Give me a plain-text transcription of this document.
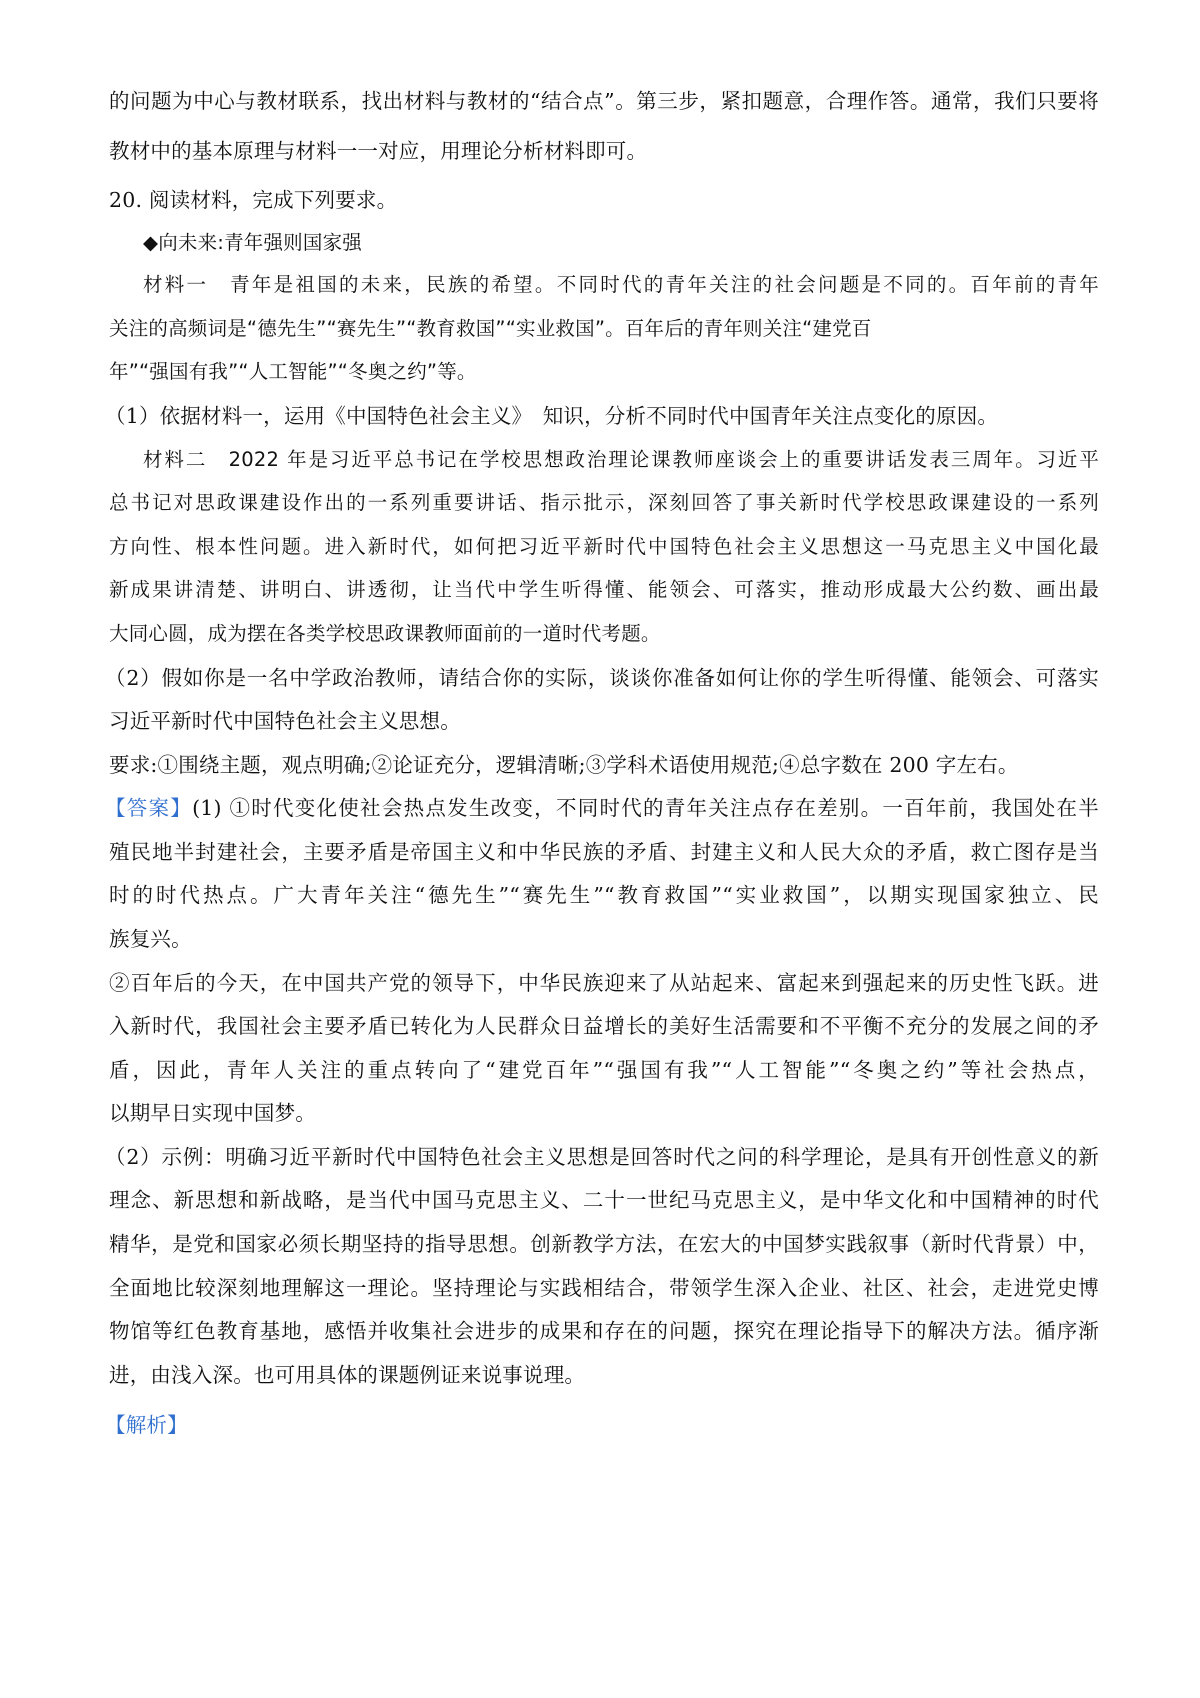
的问题为中心与教材联系，找出材料与教材的“结合点”。第三步，紧扣题意，合理作答。通常，我们只要将
教材中的基本原理与材料一一对应，用理论分析材料即可。
20. 阅读材料，完成下列要求。
◆向未来:青年强则国家强
材料一　青年是祖国的未来，民族的希望。不同时代的青年关注的社会问题是不同的。百年前的青年
关注的高频词是“德先生”“赛先生”“教育救国”“实业救国”。百年后的青年则关注“建党百
年”“强国有我”“人工智能”“冬奥之约”等。
（1）依据材料一，运用《中国特色社会主义》　知识，分析不同时代中国青年关注点变化的原因。
材料二　2022 年是习近平总书记在学校思想政治理论课教师座谈会上的重要讲话发表三周年。习近平
总书记对思政课建设作出的一系列重要讲话、指示批示，深刻回答了事关新时代学校思政课建设的一系列
方向性、根本性问题。进入新时代，如何把习近平新时代中国特色社会主义思想这一马克思主义中国化最
新成果讲清楚、讲明白、讲透彻，让当代中学生听得懂、能领会、可落实，推动形成最大公约数、画出最
大同心圆，成为摆在各类学校思政课教师面前的一道时代考题。
（2）假如你是一名中学政治教师，请结合你的实际，谈谈你准备如何让你的学生听得懂、能领会、可落实
习近平新时代中国特色社会主义思想。
要求:①围绕主题，观点明确;②论证充分，逻辑清晰;③学科术语使用规范;④总字数在 200 字左右。
【答案】(1) ①时代变化使社会热点发生改变，不同时代的青年关注点存在差别。一百年前，我国处在半
殖民地半封建社会，主要矛盾是帝国主义和中华民族的矛盾、封建主义和人民大众的矛盾，救亡图存是当
时的时代热点。广大青年关注“德先生”“赛先生”“教育救国”“实业救国”，以期实现国家独立、民
族复兴。
②百年后的今天，在中国共产党的领导下，中华民族迎来了从站起来、富起来到强起来的历史性飞跃。进
入新时代，我国社会主要矛盾已转化为人民群众日益增长的美好生活需要和不平衡不充分的发展之间的矛
盾，因此，青年人关注的重点转向了“建党百年”“强国有我”“人工智能”“冬奥之约”等社会热点，
以期早日实现中国梦。
（2）示例：明确习近平新时代中国特色社会主义思想是回答时代之问的科学理论，是具有开创性意义的新
理念、新思想和新战略，是当代中国马克思主义、二十一世纪马克思主义，是中华文化和中国精神的时代
精华，是党和国家必须长期坚持的指导思想。创新教学方法，在宏大的中国梦实践叙事（新时代背景）中，
全面地比较深刻地理解这一理论。坚持理论与实践相结合，带领学生深入企业、社区、社会，走进党史博
物馆等红色教育基地，感悟并收集社会进步的成果和存在的问题，探究在理论指导下的解决方法。循序渐
进，由浅入深。也可用具体的课题例证来说事说理。
【解析】
